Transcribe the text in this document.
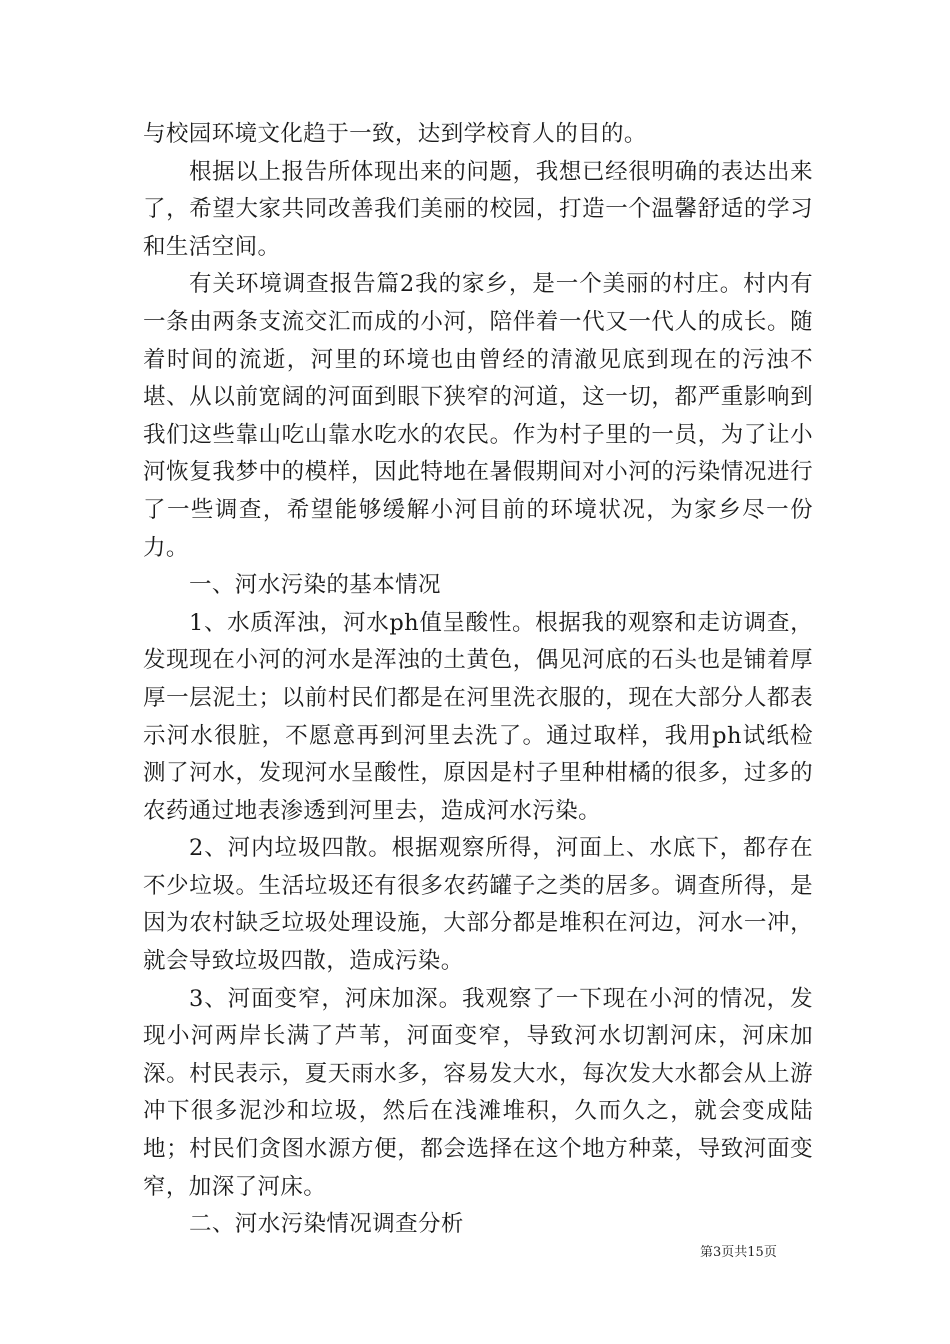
与校园环境文化趋于一致，达到学校育人的目的。

根据以上报告所体现出来的问题，我想已经很明确的表达出来了，希望大家共同改善我们美丽的校园，打造一个温馨舒适的学习和生活空间。

有关环境调查报告篇2我的家乡，是一个美丽的村庄。村内有一条由两条支流交汇而成的小河，陪伴着一代又一代人的成长。随着时间的流逝，河里的环境也由曾经的清澈见底到现在的污浊不堪、从以前宽阔的河面到眼下狭窄的河道，这一切，都严重影响到我们这些靠山吃山靠水吃水的农民。作为村子里的一员，为了让小河恢复我梦中的模样，因此特地在暑假期间对小河的污染情况进行了一些调查，希望能够缓解小河目前的环境状况，为家乡尽一份力。

一、河水污染的基本情况

1、水质浑浊，河水ph值呈酸性。根据我的观察和走访调查，发现现在小河的河水是浑浊的土黄色，偶见河底的石头也是铺着厚厚一层泥土；以前村民们都是在河里洗衣服的，现在大部分人都表示河水很脏，不愿意再到河里去洗了。通过取样，我用ph试纸检测了河水，发现河水呈酸性，原因是村子里种柑橘的很多，过多的农药通过地表渗透到河里去，造成河水污染。

2、河内垃圾四散。根据观察所得，河面上、水底下，都存在不少垃圾。生活垃圾还有很多农药罐子之类的居多。调查所得，是因为农村缺乏垃圾处理设施，大部分都是堆积在河边，河水一冲，就会导致垃圾四散，造成污染。

3、河面变窄，河床加深。我观察了一下现在小河的情况，发现小河两岸长满了芦苇，河面变窄，导致河水切割河床，河床加深。村民表示，夏天雨水多，容易发大水，每次发大水都会从上游冲下很多泥沙和垃圾，然后在浅滩堆积，久而久之，就会变成陆地；村民们贪图水源方便，都会选择在这个地方种菜，导致河面变窄，加深了河床。

二、河水污染情况调查分析

第3页共15页
